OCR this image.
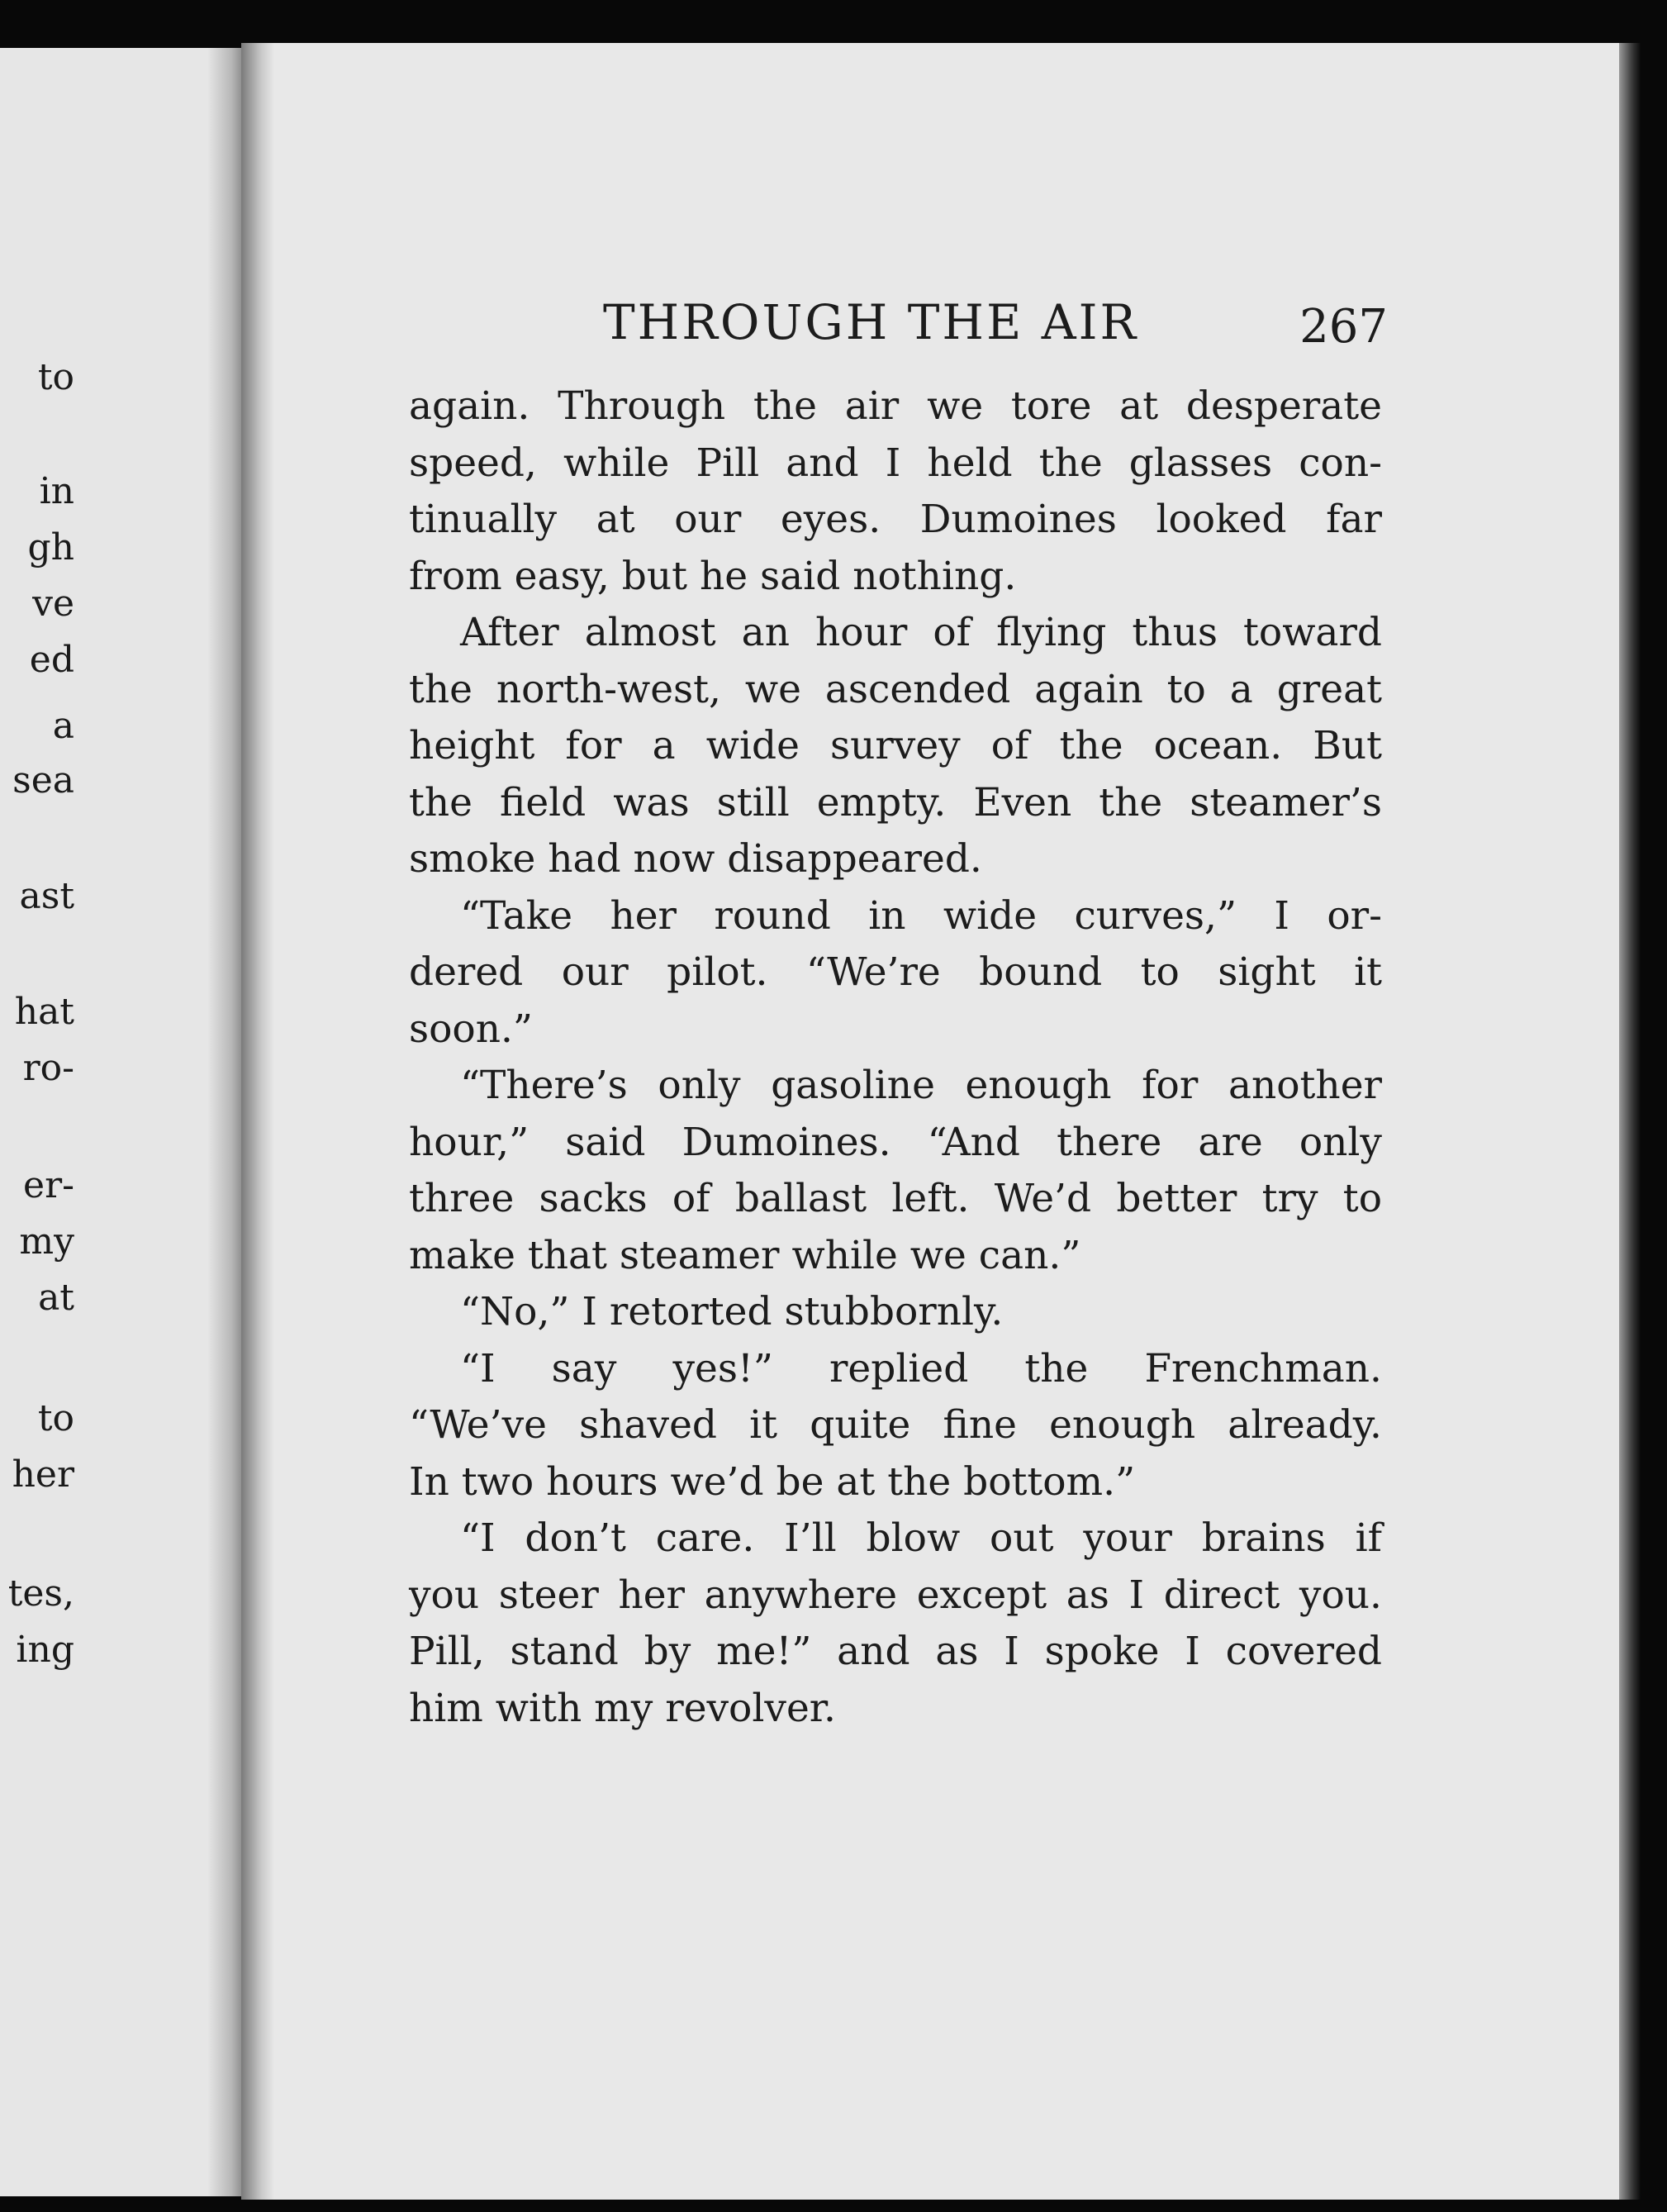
to
in
gh
ve
ed
a
sea
ast
hat
ro-
er-
my
at
to
her
tes,
ing
THROUGH THE AIR	267
again. Through the air we tore at desperate
speed, while Pill and I held the glasses con-
tinually at our eyes. Dumoines looked far
from easy, but he said nothing.
After almost an hour of flying thus toward
the north-west, we ascended again to a great
height for a wide survey of the ocean. But
the field was still empty. Even the steamer’s
smoke had now disappeared.
“Take her round in wide curves,” I or-
dered our pilot. “We’re bound to sight it
soon.”
“There’s only gasoline enough for another
hour,” said Dumoines. “And there are only
three sacks of ballast left. We’d better try to
make that steamer while we can.”
“No,” I retorted stubbornly.
“I say yes!” replied the Frenchman.
“We’ve shaved it quite fine enough already.
In two hours we’d be at the bottom.”
“I don’t care. I’ll blow out your brains if
you steer her anywhere except as I direct you.
Pill, stand by me!” and as I spoke I covered
him with my revolver.
